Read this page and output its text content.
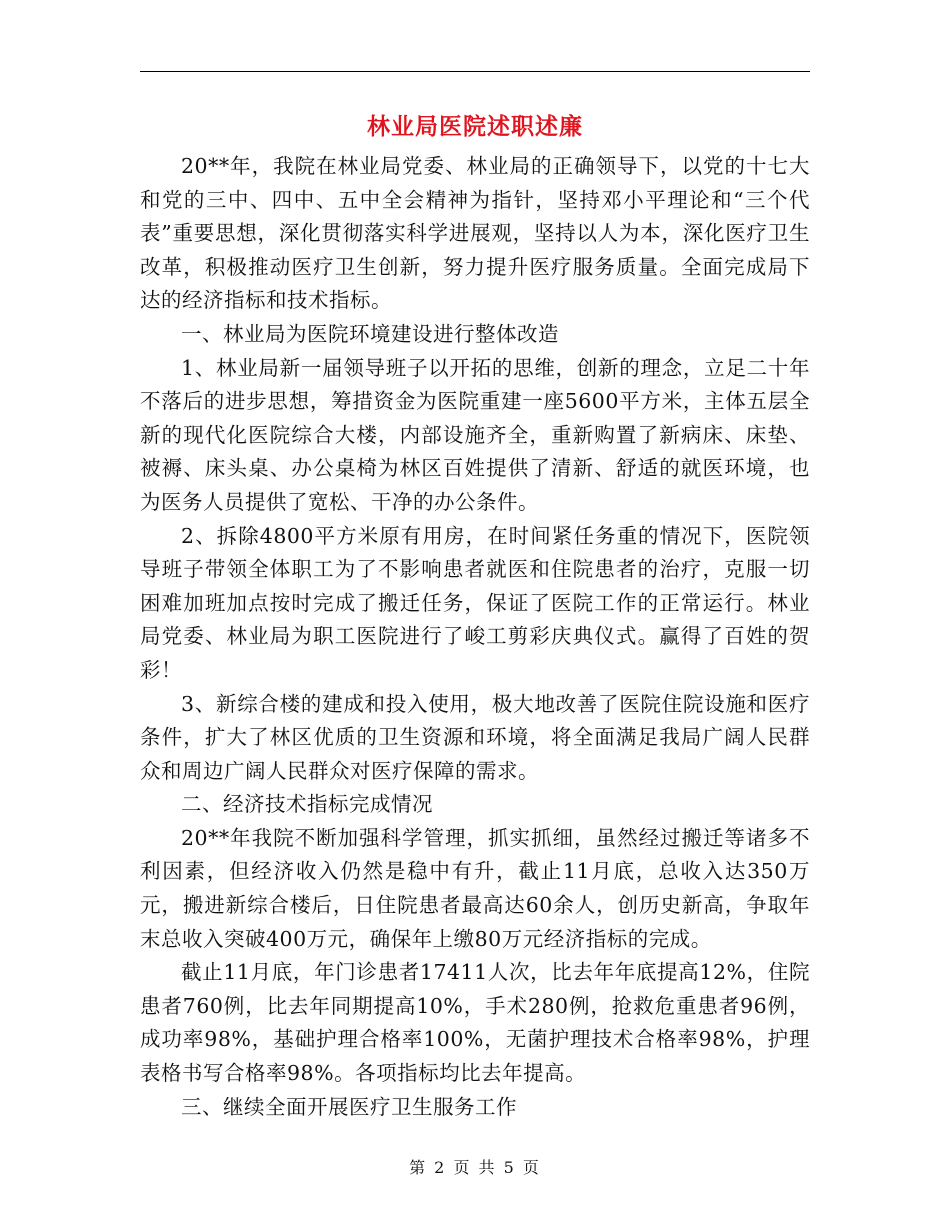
林业局医院述职述廉

20**年，我院在林业局党委、林业局的正确领导下，以党的十七大和党的三中、四中、五中全会精神为指针，坚持邓小平理论和“三个代表”重要思想，深化贯彻落实科学进展观，坚持以人为本，深化医疗卫生改革，积极推动医疗卫生创新，努力提升医疗服务质量。全面完成局下达的经济指标和技术指标。

一、林业局为医院环境建设进行整体改造

1、林业局新一届领导班子以开拓的思维，创新的理念，立足二十年不落后的进步思想，筹措资金为医院重建一座5600平方米，主体五层全新的现代化医院综合大楼，内部设施齐全，重新购置了新病床、床垫、被褥、床头桌、办公桌椅为林区百姓提供了清新、舒适的就医环境，也为医务人员提供了宽松、干净的办公条件。

2、拆除4800平方米原有用房，在时间紧任务重的情况下，医院领导班子带领全体职工为了不影响患者就医和住院患者的治疗，克服一切困难加班加点按时完成了搬迁任务，保证了医院工作的正常运行。林业局党委、林业局为职工医院进行了峻工剪彩庆典仪式。赢得了百姓的贺彩！

3、新综合楼的建成和投入使用，极大地改善了医院住院设施和医疗条件，扩大了林区优质的卫生资源和环境，将全面满足我局广阔人民群众和周边广阔人民群众对医疗保障的需求。

二、经济技术指标完成情况

20**年我院不断加强科学管理，抓实抓细，虽然经过搬迁等诸多不利因素，但经济收入仍然是稳中有升，截止11月底，总收入达350万元，搬进新综合楼后，日住院患者最高达60余人，创历史新高，争取年末总收入突破400万元，确保年上缴80万元经济指标的完成。

截止11月底，年门诊患者17411人次，比去年年底提高12%，住院患者760例，比去年同期提高10%，手术280例，抢救危重患者96例，成功率98%，基础护理合格率100%，无菌护理技术合格率98%，护理表格书写合格率98%。各项指标均比去年提高。

三、继续全面开展医疗卫生服务工作

第 2 页 共 5 页
